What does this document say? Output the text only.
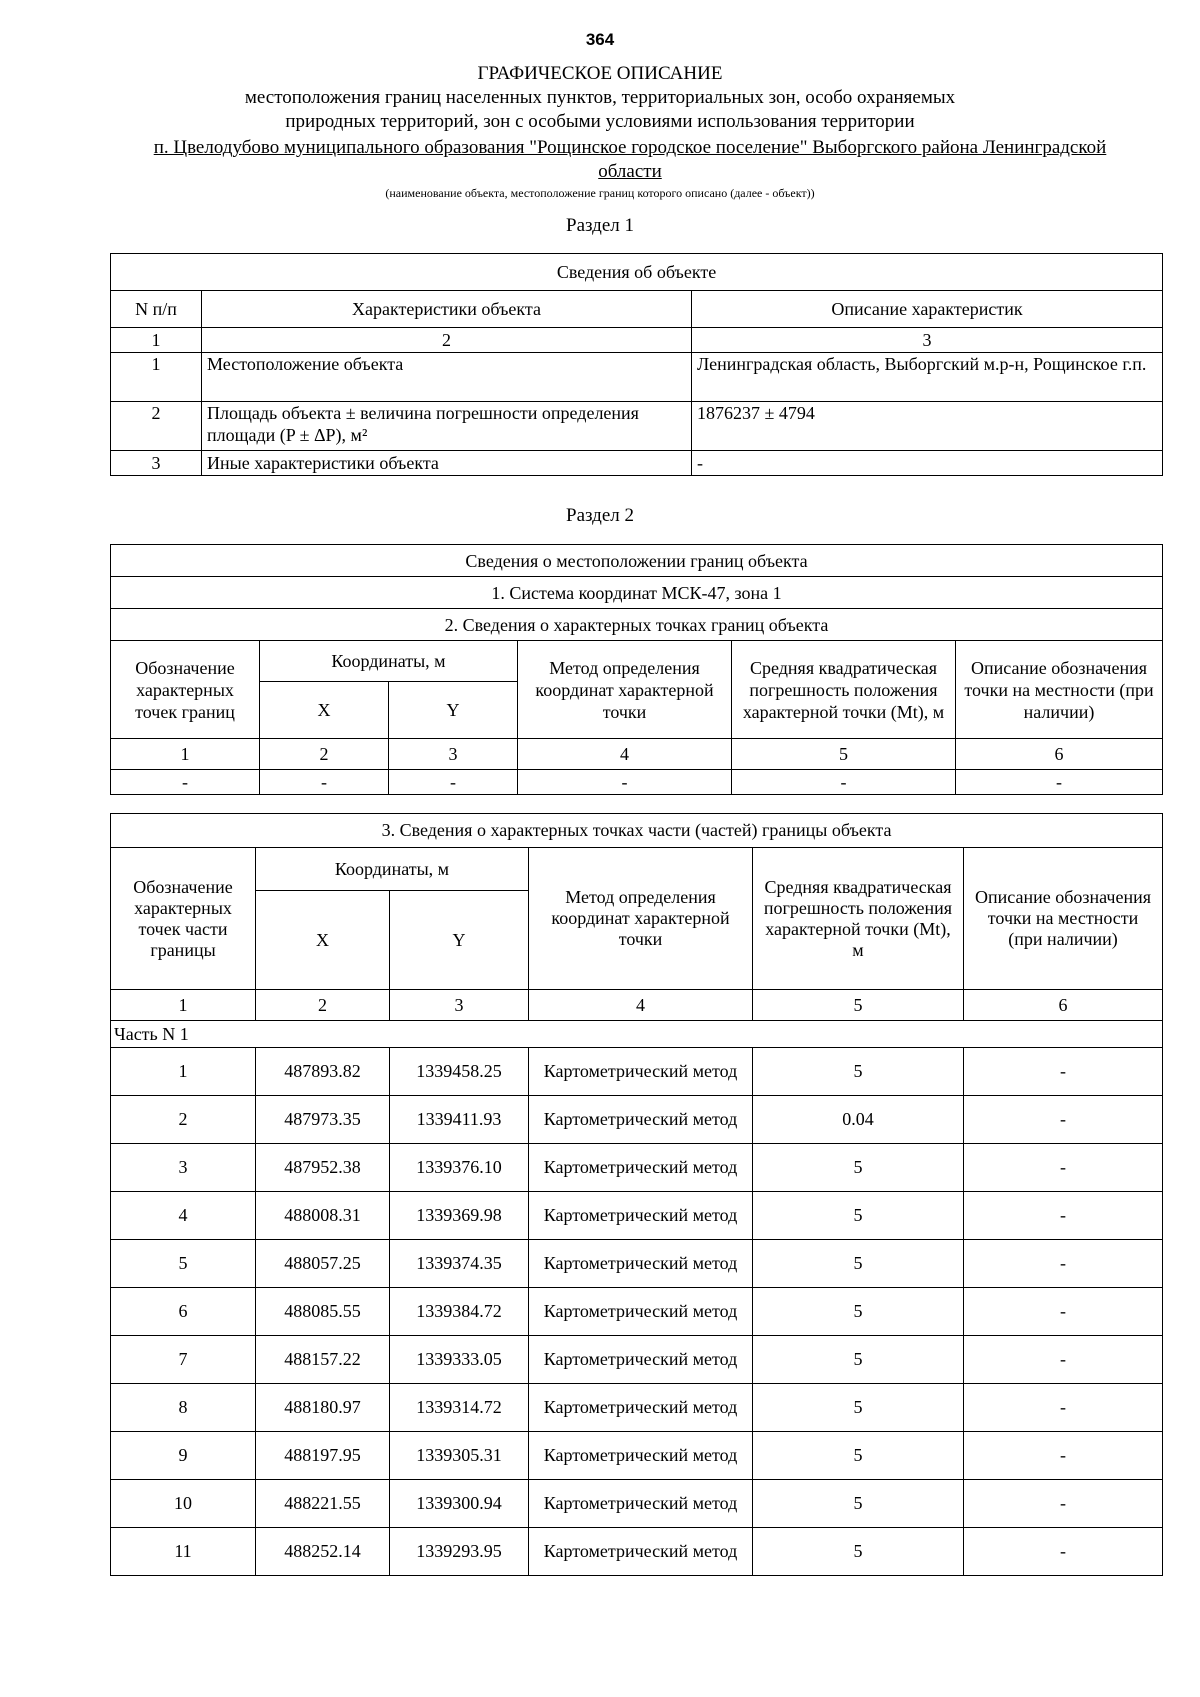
364
ГРАФИЧЕСКОЕ ОПИСАНИЕ
местоположения границ населенных пунктов, территориальных зон, особо охраняемых
природных территорий, зон с особыми условиями использования территории
п. Цвелодубово муниципального образования "Рощинское городское поселение" Выборгского района Ленинградской
области
(наименование объекта, местоположение границ которого описано (далее - объект))
Раздел 1
Сведения об объекте		
N п/п	Характеристики объекта	Описание характеристик
1	2	3
1	Местоположение объекта	Ленинградская область, Выборгский м.р-н, Рощинское г.п.
2	Площадь объекта ± величина погрешности определения площади (P ± ΔP), м²	1876237 ± 4794
3	Иные характеристики объекта	-
Раздел 2
Сведения о местоположении границ объекта					
1. Система координат МСК-47, зона 1					
2. Сведения о характерных точках границ объекта					
Обозначение характерных точек границ	Координаты, м		Метод определения координат характерной точки	Средняя квадратическая погрешность положения характерной точки (Mt), м	Описание обозначения точки на местности (при наличии)
	X	Y			
1	2	3	4	5	6
-	-	-	-	-	-
3. Сведения о характерных точках части (частей) границы объекта					
Обозначение характерных точек части границы	Координаты, м		Метод определения координат характерной точки	Средняя квадратическая погрешность положения характерной точки (Mt), м	Описание обозначения точки на местности (при наличии)
	X	Y			
1	2	3	4	5	6
Часть N 1					
1	487893.82	1339458.25	Картометрический метод	5	-
2	487973.35	1339411.93	Картометрический метод	0.04	-
3	487952.38	1339376.10	Картометрический метод	5	-
4	488008.31	1339369.98	Картометрический метод	5	-
5	488057.25	1339374.35	Картометрический метод	5	-
6	488085.55	1339384.72	Картометрический метод	5	-
7	488157.22	1339333.05	Картометрический метод	5	-
8	488180.97	1339314.72	Картометрический метод	5	-
9	488197.95	1339305.31	Картометрический метод	5	-
10	488221.55	1339300.94	Картометрический метод	5	-
11	488252.14	1339293.95	Картометрический метод	5	-
